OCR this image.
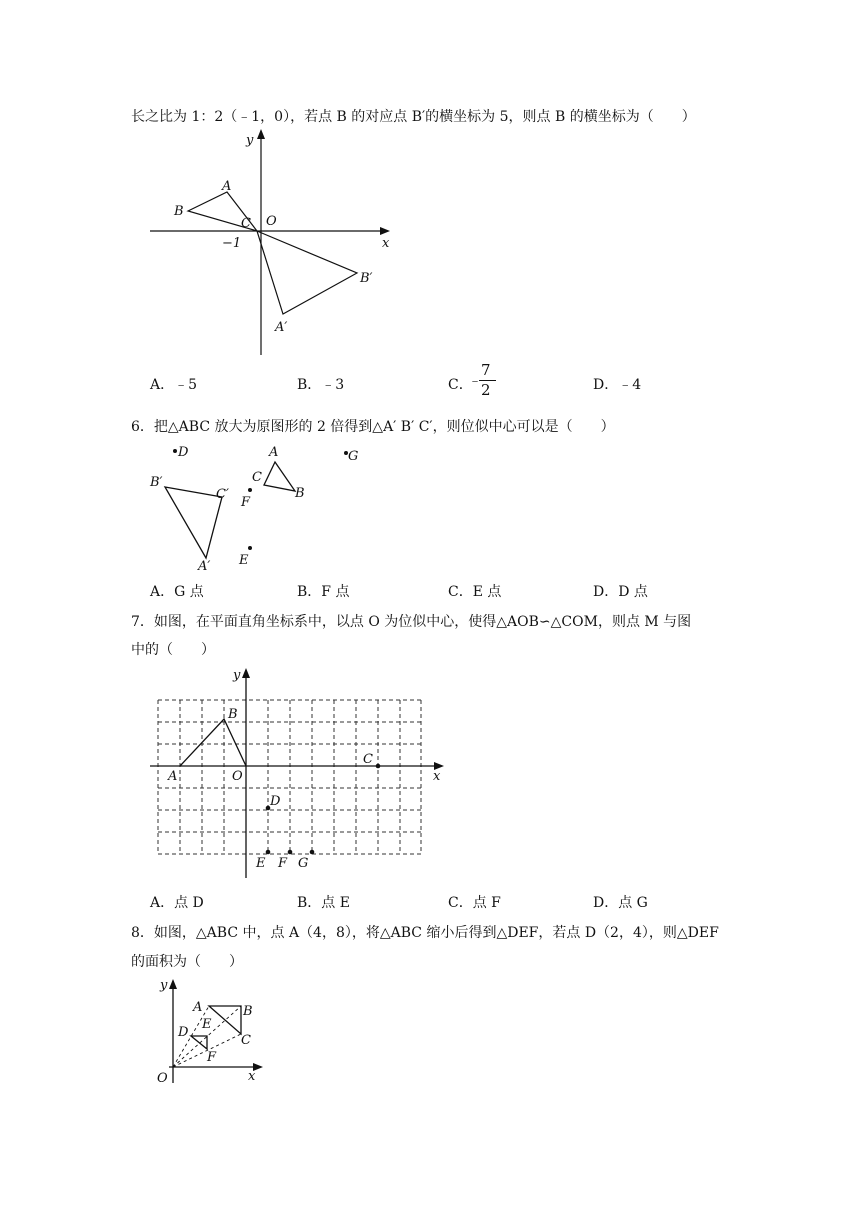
长之比为 1：2（﹣1，0），若点 B 的对应点 B′的横坐标为 5，则点 B 的横坐标为（　　）
y
x
A
B
C O
−1
B′
A′
A．﹣5	B．﹣3	C．
﹣
7
2	D．﹣4
6．把△ABC 放大为原图形的 2 倍得到△A′ B′ C′，则位似中心可以是（　　）
D	G
A
B
C
F
E
B′
C′
A′
A．G 点	B．F 点	C．E 点	D．D 点
7．如图，在平面直角坐标系中，以点 O 为位似中心，使得△AOB∽△COM，则点 M 与图
中的（　　）
y
x
A	O
B
C
D
E F G
A．点 D	B．点 E	C．点 F	D．点 G
8．如图，△ABC 中，点 A（4，8），将△ABC 缩小后得到△DEF，若点 D（2，4），则△DEF
的面积为（　　）
y
x
O
A	B
C
D
E
F
